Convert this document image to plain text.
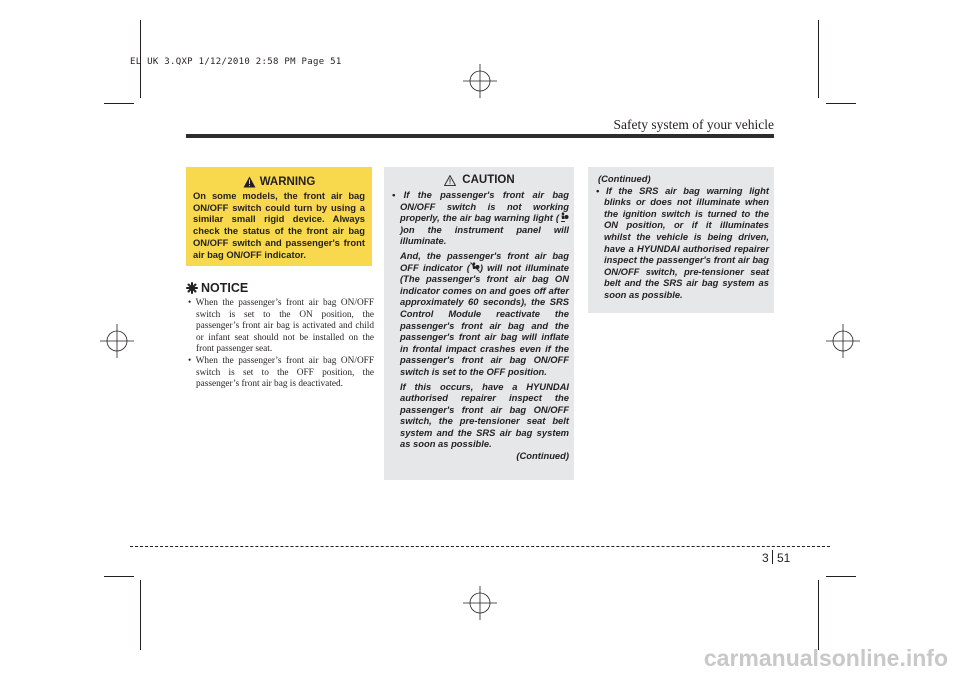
EL UK 3.QXP 1/12/2010 2:58 PM Page 51
Safety system of your vehicle
WARNING
On some models, the front air bag ON/OFF switch could turn by using a similar small rigid device. Always check the status of the front air bag ON/OFF switch and passenger's front air bag ON/OFF indicator.
NOTICE
• When the passenger’s front air bag ON/OFF switch is set to the ON position, the passenger’s front air bag is activated and child or infant seat should not be installed on the front passenger seat.
• When the passenger’s front air bag ON/OFF switch is set to the OFF position, the passenger’s front air bag is deactivated.
CAUTION

• If the passenger's front air bag ON/OFF switch is not working properly, the air bag warning light ()on the instrument panel will illuminate.

And, the passenger's front air bag OFF indicator ( ) will not illuminate (The passenger's front air bag ON indicator comes on and goes off after approximately 60 seconds), the SRS Control Module reactivate the passenger's front air bag and the passenger's front air bag will inflate in frontal impact crashes even if the passenger's front air bag ON/OFF switch is set to the OFF position.

If this occurs, have a HYUNDAI authorised repairer inspect the passenger's front air bag ON/OFF switch, the pre-tensioner seat belt system and the SRS air bag system as soon as possible.

(Continued)

(Continued)

• If the SRS air bag warning light blinks or does not illuminate when the ignition switch is turned to the ON position, or if it illuminates whilst the vehicle is being driven, have a HYUNDAI authorised repairer inspect the passenger's front air bag ON/OFF switch, pre-tensioner seat belt and the SRS air bag system as soon as possible.

3 51
carmanualsonline.info
